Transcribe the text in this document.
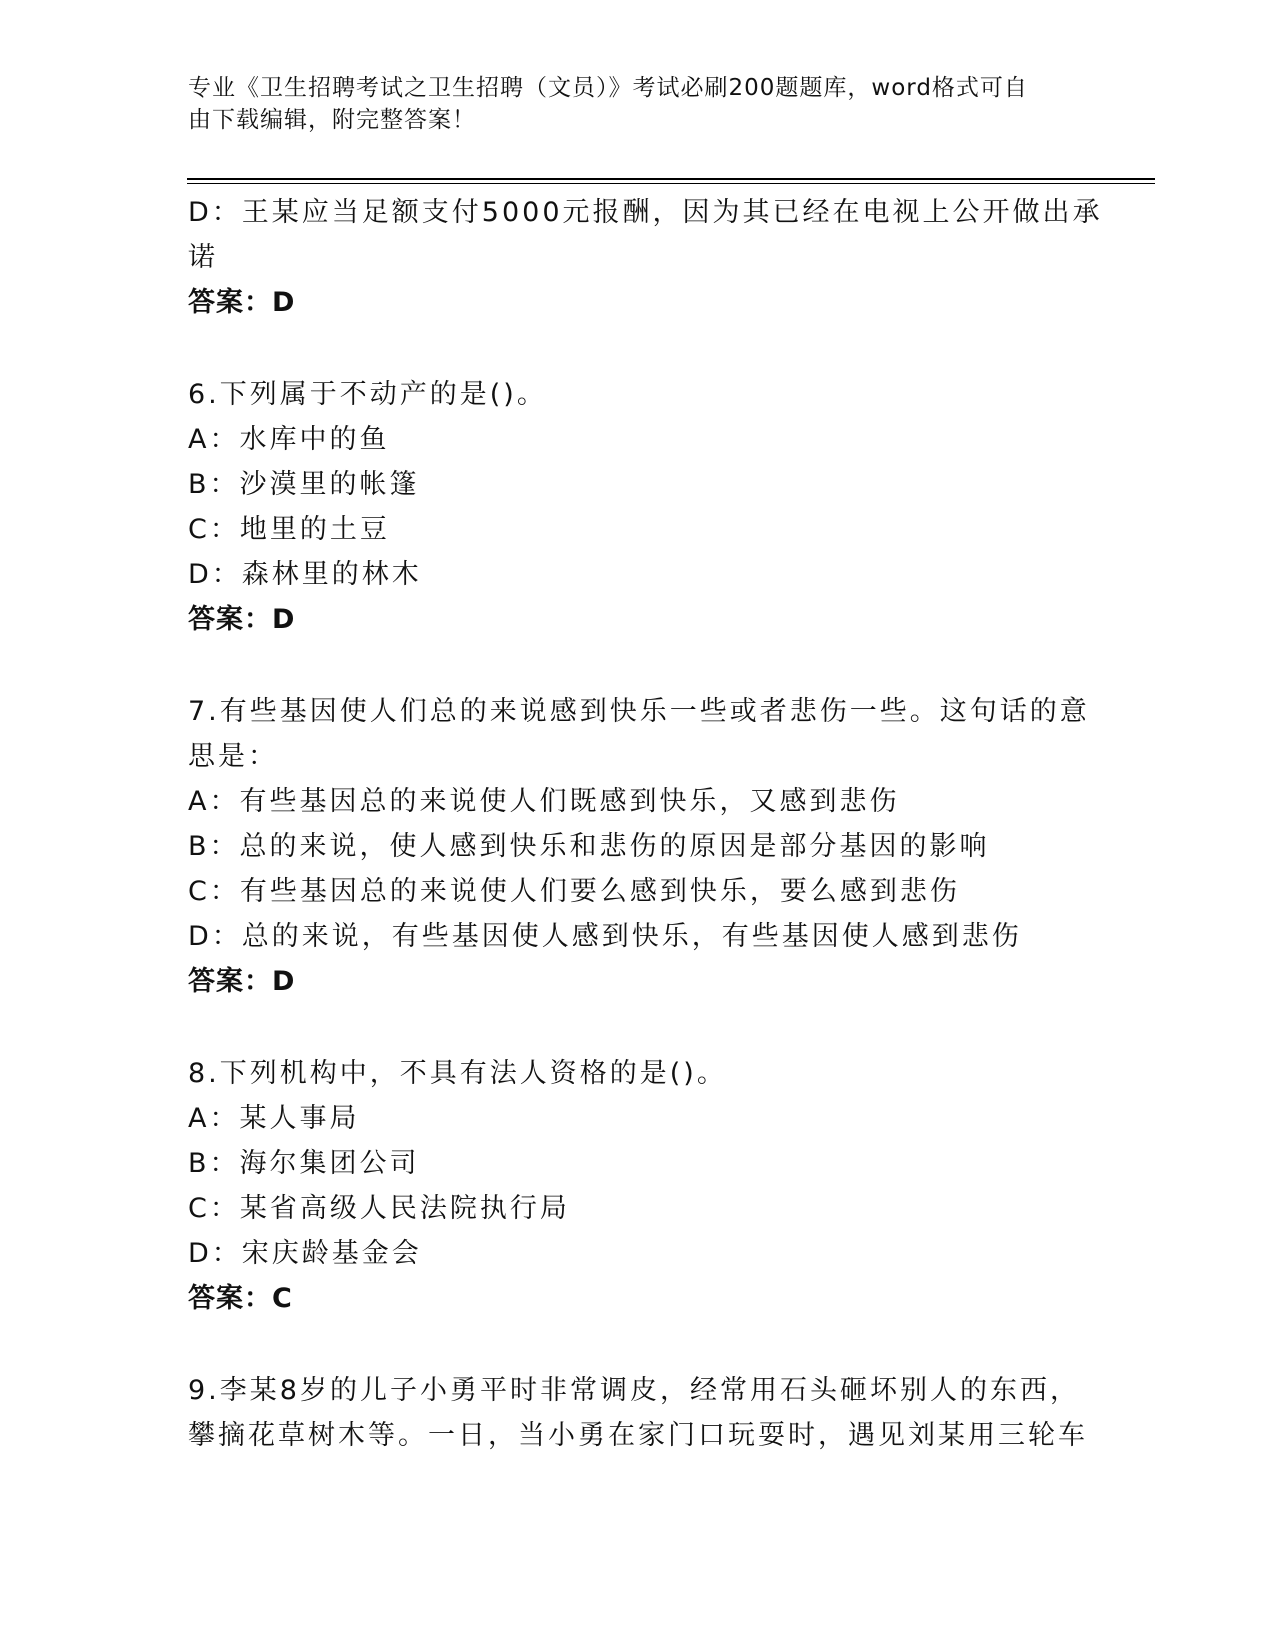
专业《卫生招聘考试之卫生招聘（文员）》考试必刷200题题库，word格式可自
由下载编辑，附完整答案！
D：王某应当足额支付5000元报酬，因为其已经在电视上公开做出承
诺
答案：D
6.下列属于不动产的是()。
A：水库中的鱼
B：沙漠里的帐篷
C：地里的土豆
D：森林里的林木
答案：D
7.有些基因使人们总的来说感到快乐一些或者悲伤一些。这句话的意
思是：
A：有些基因总的来说使人们既感到快乐，又感到悲伤
B：总的来说，使人感到快乐和悲伤的原因是部分基因的影响
C：有些基因总的来说使人们要么感到快乐，要么感到悲伤
D：总的来说，有些基因使人感到快乐，有些基因使人感到悲伤
答案：D
8.下列机构中，不具有法人资格的是()。
A：某人事局
B：海尔集团公司
C：某省高级人民法院执行局
D：宋庆龄基金会
答案：C
9.李某8岁的儿子小勇平时非常调皮，经常用石头砸坏别人的东西，
攀摘花草树木等。一日，当小勇在家门口玩耍时，遇见刘某用三轮车
